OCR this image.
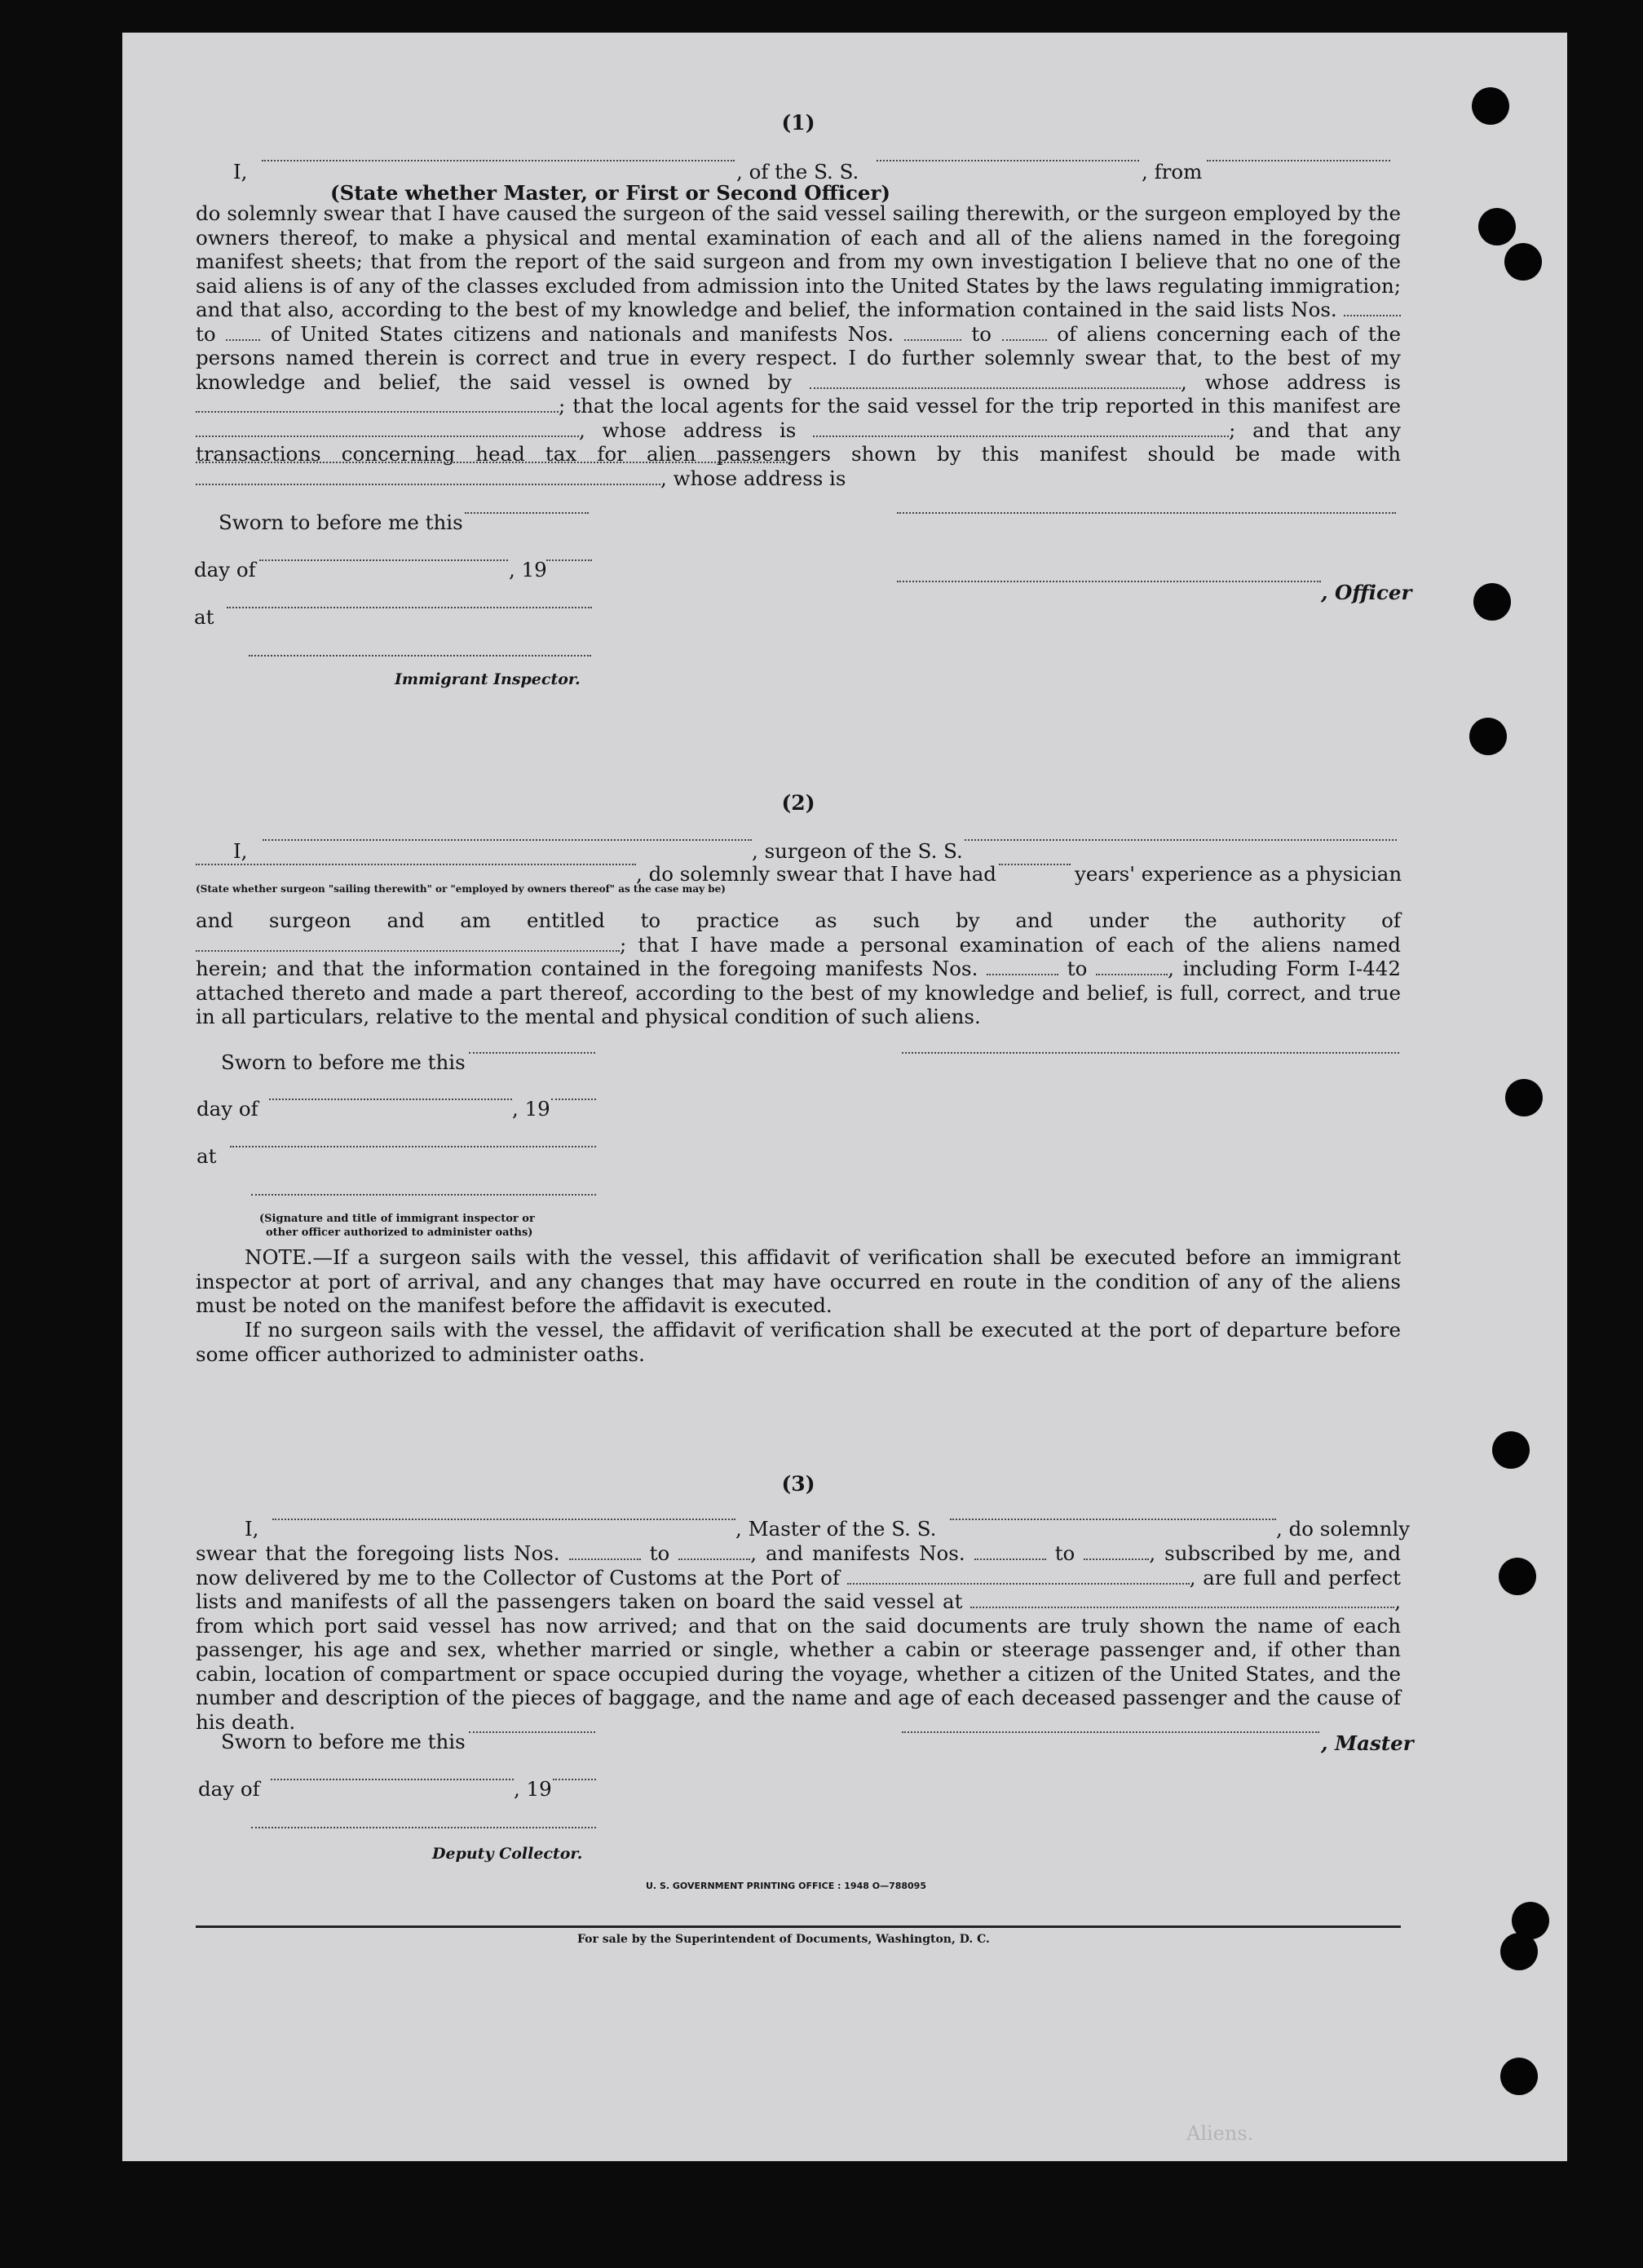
(1)
I,	, of the S. S.	, from
(State whether Master, or First or Second Officer)
do solemnly swear that I have caused the surgeon of the said vessel sailing therewith, or the surgeon employed by the owners thereof, to make a physical and mental examination of each and all of the aliens named in the foregoing manifest sheets; that from the report of the said surgeon and from my own investigation I believe that no one of the said aliens is of any of the classes excluded from admission into the United States by the laws regulating immigration; and that also, according to the best of my knowledge and belief, the information contained in the said lists Nos.  to	of United States citizens and nationals and manifests Nos.	to	of aliens concerning each of the persons named therein is correct and true in every respect. I do further solemnly swear that, to the best of my knowledge and belief, the said vessel is owned by	, whose address is ; that the local agents for the said vessel for the trip reported in this manifest are , whose address is	; and that any transactions concerning head tax for alien passengers shown by this manifest should be made with , whose address is
Sworn to before me this
day of	, 19
, Officer
at
Immigrant Inspector.
(2)
I,	, surgeon of the S. S.
, do solemnly swear that I have had	years' experience as a physician
(State whether surgeon "sailing therewith" or "employed by owners thereof" as the case may be)
and surgeon and am entitled to practice as such by and under the authority of ; that I have made a personal examination of each of the aliens named herein; and that the information contained in the foregoing manifests Nos.	to	, including Form I-442 attached thereto and made a part thereof, according to the best of my knowledge and belief, is full, correct, and true in all particulars, relative to the mental and physical condition of such aliens.
Sworn to before me this
day of	, 19
at
(Signature and title of immigrant inspector or
other officer authorized to administer oaths)
NOTE.—If a surgeon sails with the vessel, this affidavit of verification shall be executed before an immigrant inspector at port of arrival, and any changes that may have occurred en route in the condition of any of the aliens must be noted on the manifest before the affidavit is executed.
If no surgeon sails with the vessel, the affidavit of verification shall be executed at the port of departure before some officer authorized to administer oaths.
(3)
I,	, Master of the S. S.	, do solemnly
swear that the foregoing lists Nos.	to	, and manifests Nos.	to	, subscribed by me, and now delivered by me to the Collector of Customs at the Port of	, are full and perfect lists and manifests of all the passengers taken on board the said vessel at	, from which port said vessel has now arrived; and that on the said documents are truly shown the name of each passenger, his age and sex, whether married or single, whether a cabin or steerage passenger and, if other than cabin, location of compartment or space occupied during the voyage, whether a citizen of the United States, and the number and description of the pieces of baggage, and the name and age of each deceased passenger and the cause of his death.
Sworn to before me this	, Master
day of	, 19
Deputy Collector.
U. S. GOVERNMENT PRINTING OFFICE : 1948 O—788095
For sale by the Superintendent of Documents, Washington, D. C.
Aliens.
